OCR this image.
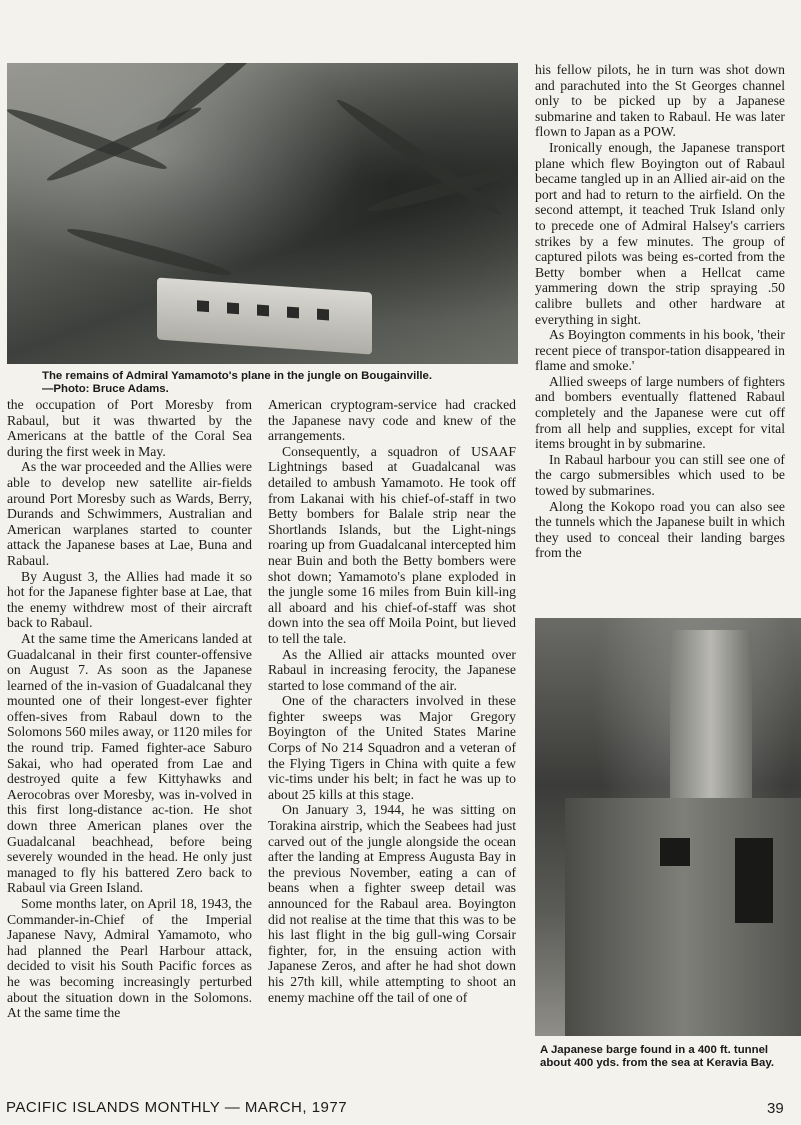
The remains of Admiral Yamamoto's plane in the jungle on Bougainville.
—Photo: Bruce Adams.

the occupation of Port Moresby from Rabaul, but it was thwarted by the Americans at the battle of the Coral Sea during the first week in May.

As the war proceeded and the Allies were able to develop new satellite air-fields around Port Moresby such as Wards, Berry, Durands and Schwimmers, Australian and American warplanes started to counter attack the Japanese bases at Lae, Buna and Rabaul.

By August 3, the Allies had made it so hot for the Japanese fighter base at Lae, that the enemy withdrew most of their aircraft back to Rabaul.

At the same time the Americans landed at Guadalcanal in their first counter-offensive on August 7. As soon as the Japanese learned of the in-vasion of Guadalcanal they mounted one of their longest-ever fighter offen-sives from Rabaul down to the Solomons 560 miles away, or 1120 miles for the round trip. Famed fighter-ace Saburo Sakai, who had operated from Lae and destroyed quite a few Kittyhawks and Aerocobras over Moresby, was in-volved in this first long-distance ac-tion. He shot down three American planes over the Guadalcanal beachhead, before being severely wounded in the head. He only just managed to fly his battered Zero back to Rabaul via Green Island.

Some months later, on April 18, 1943, the Commander-in-Chief of the Imperial Japanese Navy, Admiral Yamamoto, who had planned the Pearl Harbour attack, decided to visit his South Pacific forces as he was becoming increasingly perturbed about the situation down in the Solomons. At the same time the

American cryptogram-service had cracked the Japanese navy code and knew of the arrangements.

Consequently, a squadron of USAAF Lightnings based at Guadalcanal was detailed to ambush Yamamoto. He took off from Lakanai with his chief-of-staff in two Betty bombers for Balale strip near the Shortlands Islands, but the Light-nings roaring up from Guadalcanal intercepted him near Buin and both the Betty bombers were shot down; Yamamoto's plane exploded in the jungle some 16 miles from Buin kill-ing all aboard and his chief-of-staff was shot down into the sea off Moila Point, but lieved to tell the tale.

As the Allied air attacks mounted over Rabaul in increasing ferocity, the Japanese started to lose command of the air.

One of the characters involved in these fighter sweeps was Major Gregory Boyington of the United States Marine Corps of No 214 Squadron and a veteran of the Flying Tigers in China with quite a few vic-tims under his belt; in fact he was up to about 25 kills at this stage.

On January 3, 1944, he was sitting on Torakina airstrip, which the Seabees had just carved out of the jungle alongside the ocean after the landing at Empress Augusta Bay in the previous November, eating a can of beans when a fighter sweep detail was announced for the Rabaul area. Boyington did not realise at the time that this was to be his last flight in the big gull-wing Corsair fighter, for, in the ensuing action with Japanese Zeros, and after he had shot down his 27th kill, while attempting to shoot an enemy machine off the tail of one of

his fellow pilots, he in turn was shot down and parachuted into the St Georges channel only to be picked up by a Japanese submarine and taken to Rabaul. He was later flown to Japan as a POW.

Ironically enough, the Japanese transport plane which flew Boyington out of Rabaul became tangled up in an Allied air-aid on the port and had to return to the airfield. On the second attempt, it teached Truk Island only to precede one of Admiral Halsey's carriers strikes by a few minutes. The group of captured pilots was being es-corted from the Betty bomber when a Hellcat came yammering down the strip spraying .50 calibre bullets and other hardware at everything in sight.

As Boyington comments in his book, 'their recent piece of transpor-tation disappeared in flame and smoke.'

Allied sweeps of large numbers of fighters and bombers eventually flattened Rabaul completely and the Japanese were cut off from all help and supplies, except for vital items brought in by submarine.

In Rabaul harbour you can still see one of the cargo submersibles which used to be towed by submarines.

Along the Kokopo road you can also see the tunnels which the Japanese built in which they used to conceal their landing barges from the

A Japanese barge found in a 400 ft. tunnel about 400 yds. from the sea at Keravia Bay.
PACIFIC ISLANDS MONTHLY — MARCH, 1977	39
